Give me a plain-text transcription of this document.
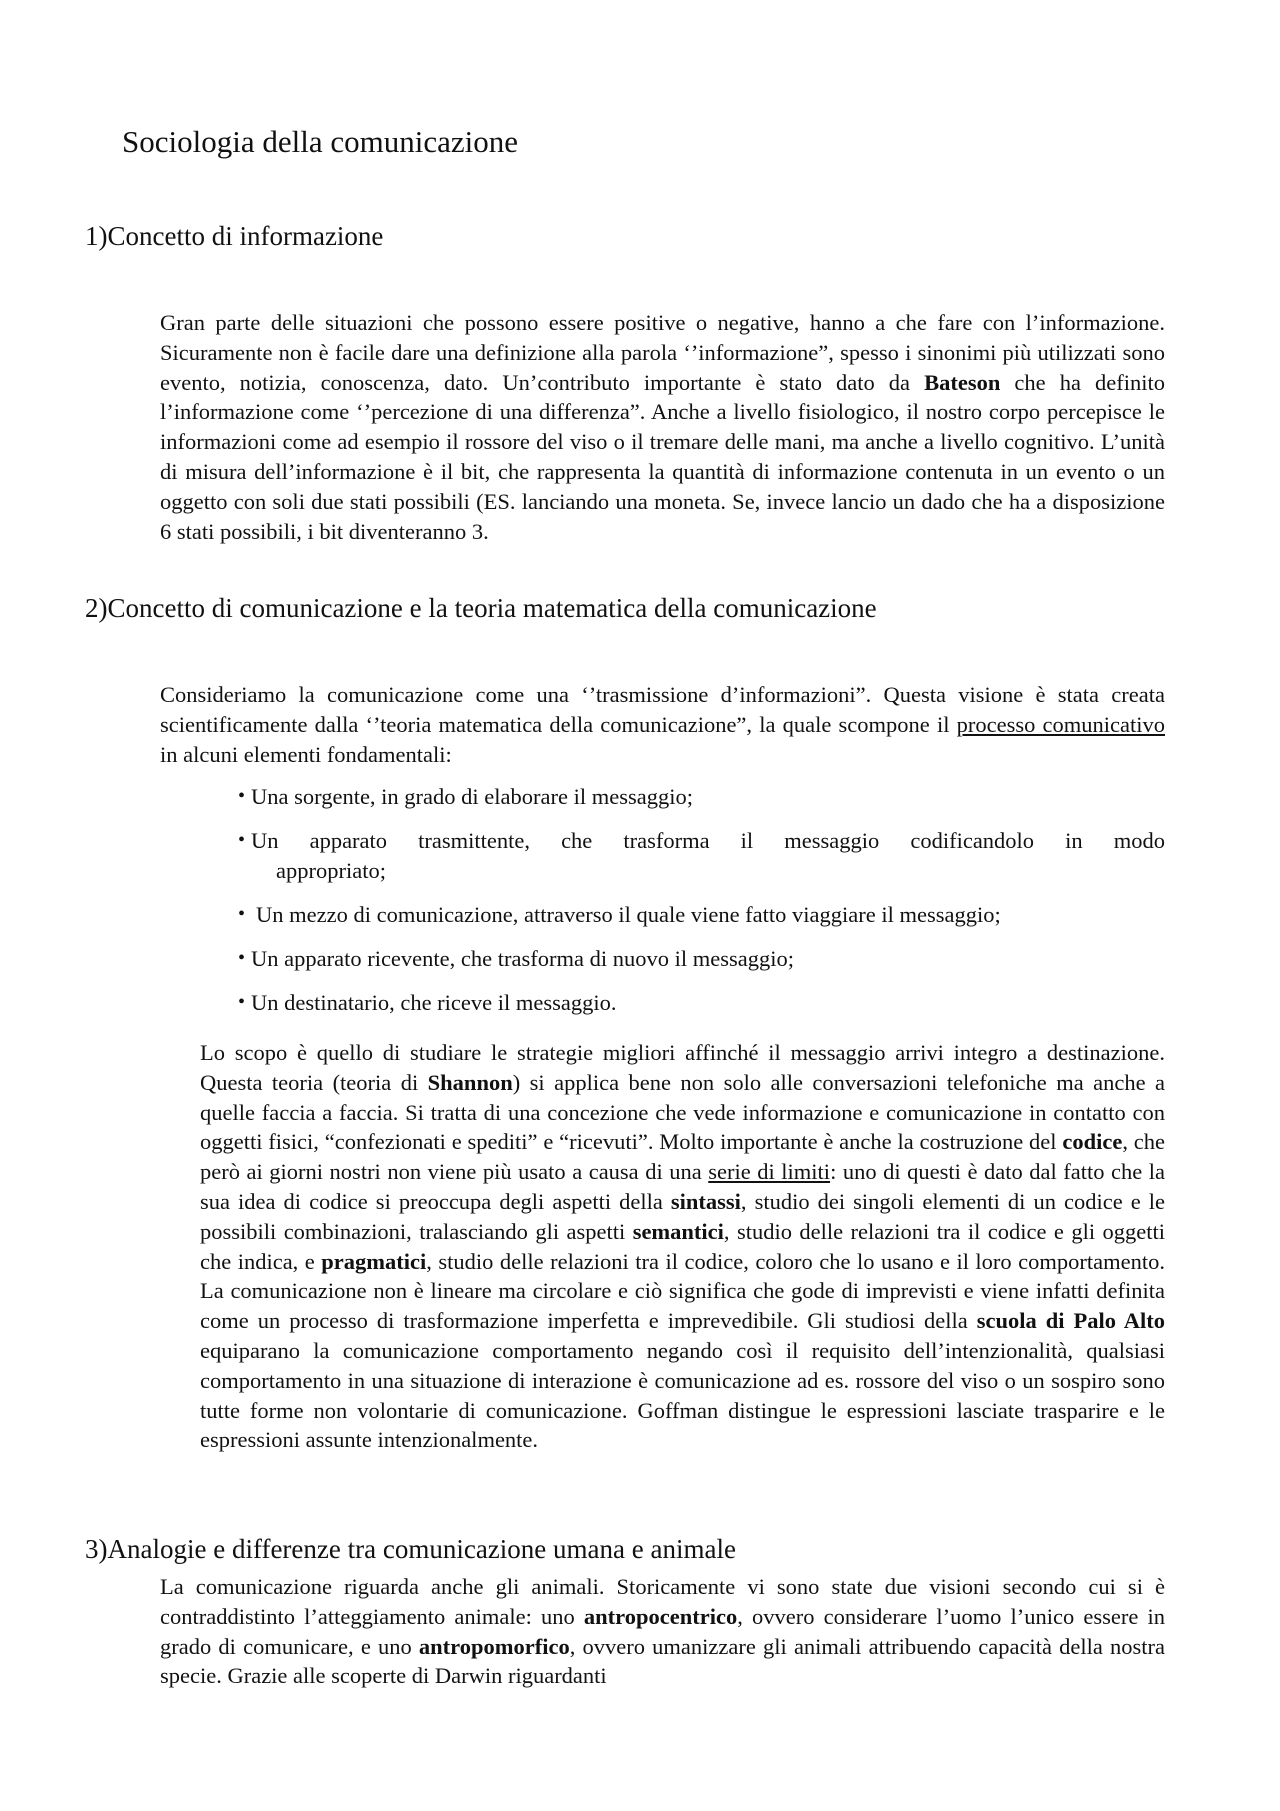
Sociologia della comunicazione
1)Concetto di informazione

Gran parte delle situazioni che possono essere positive o negative, hanno a che fare con l’informazione. Sicuramente non è facile dare una definizione alla parola ‘’informazione”, spesso i sinonimi più utilizzati sono evento, notizia, conoscenza, dato. Un’contributo importante è stato dato da Bateson che ha definito l’informazione come ‘’percezione di una differenza”. Anche a livello fisiologico, il nostro corpo percepisce le informazioni come ad esempio il rossore del viso o il tremare delle mani, ma anche a livello cognitivo. L’unità di misura dell’informazione è il bit, che rappresenta la quantità di informazione contenuta in un evento o un oggetto con soli due stati possibili (ES. lanciando una moneta. Se, invece lancio un dado che ha a disposizione 6 stati possibili, i bit diventeranno 3.

2)Concetto di comunicazione e la teoria matematica della comunicazione

Consideriamo la comunicazione come una ‘’trasmissione d’informazioni”. Questa visione è stata creata scientificamente dalla ‘’teoria matematica della comunicazione”, la quale scompone il processo comunicativo in alcuni elementi fondamentali:

• Una sorgente, in grado di elaborare il messaggio;
• Un apparato trasmittente, che trasforma il messaggio codificandolo in modo
appropriato;
• Un mezzo di comunicazione, attraverso il quale viene fatto viaggiare il messaggio;
• Un apparato ricevente, che trasforma di nuovo il messaggio;
• Un destinatario, che riceve il messaggio.

Lo scopo è quello di studiare le strategie migliori affinché il messaggio arrivi integro a destinazione. Questa teoria (teoria di Shannon) si applica bene non solo alle conversazioni telefoniche ma anche a quelle faccia a faccia. Si tratta di una concezione che vede informazione e comunicazione in contatto con oggetti fisici, “confezionati e spediti” e “ricevuti”. Molto importante è anche la costruzione del codice, che però ai giorni nostri non viene più usato a causa di una serie di limiti: uno di questi è dato dal fatto che la sua idea di codice si preoccupa degli aspetti della sintassi, studio dei singoli elementi di un codice e le possibili combinazioni, tralasciando gli aspetti semantici, studio delle relazioni tra il codice e gli oggetti che indica, e pragmatici, studio delle relazioni tra il codice, coloro che lo usano e il loro comportamento. La comunicazione non è lineare ma circolare e ciò significa che gode di imprevisti e viene infatti definita come un processo di trasformazione imperfetta e imprevedibile. Gli studiosi della scuola di Palo Alto equiparano la comunicazione comportamento negando così il requisito dell’intenzionalità, qualsiasi comportamento in una situazione di interazione è comunicazione ad es. rossore del viso o un sospiro sono tutte forme non volontarie di comunicazione. Goffman distingue le espressioni lasciate trasparire e le espressioni assunte intenzionalmente.

3)Analogie e differenze tra comunicazione umana e animale

La comunicazione riguarda anche gli animali. Storicamente vi sono state due visioni secondo cui si è contraddistinto l’atteggiamento animale: uno antropocentrico, ovvero considerare l’uomo l’unico essere in grado di comunicare, e uno antropomorfico, ovvero umanizzare gli animali attribuendo capacità della nostra specie. Grazie alle scoperte di Darwin riguardanti
